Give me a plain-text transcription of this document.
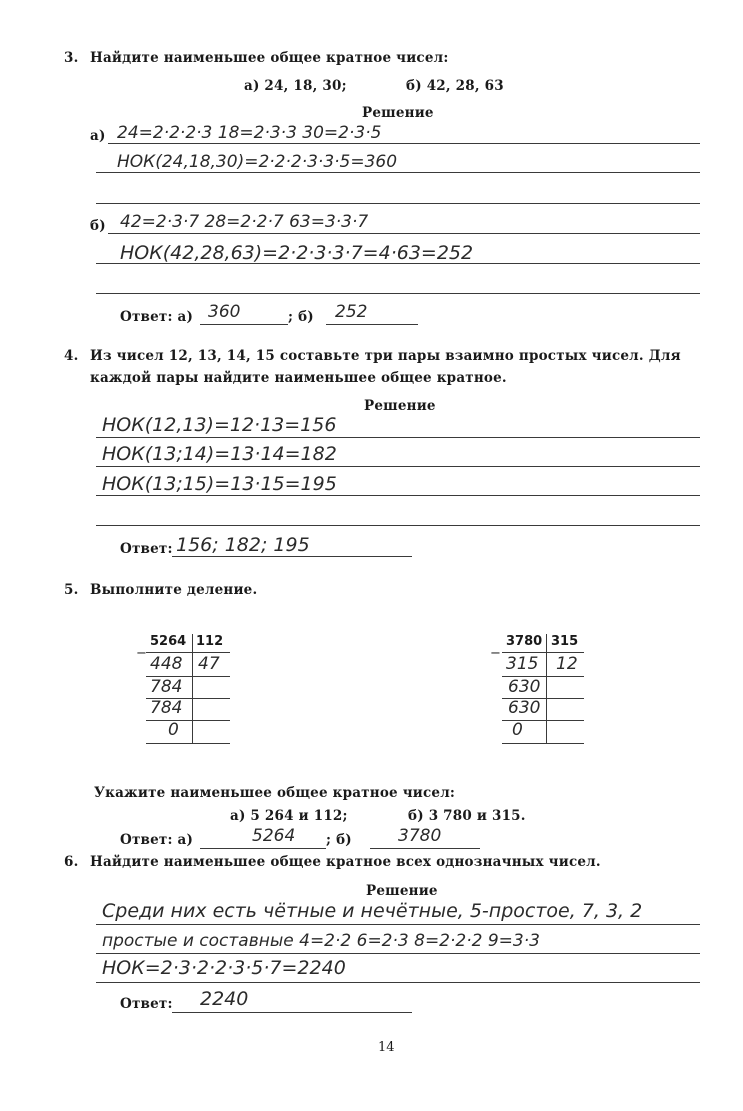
3. Найдите наименьшее общее кратное чисел:
а) 24, 18, 30;	б) 42, 28, 63
Решение
а) 24=2·2·2·3 18=2·3·3 30=2·3·5
НОК(24,18,30)=2·2·2·3·3·5=360
б) 42=2·3·7 28=2·2·7 63=3·3·7
НОК(42,28,63)=2·2·3·3·7=4·63=252
Ответ: а) 360	; б) 252
4. Из чисел 12, 13, 14, 15 составьте три пары взаимно простых чисел. Для
каждой пары найдите наименьшее общее кратное.
Решение
НОК(12,13)=12·13=156
НОК(13;14)=13·14=182
НОК(13;15)=13·15=195
Ответ: 156; 182; 195
5. Выполните деление.
5264 112
−
448 47
784
784
0
3780 315
−
315 12
630
630
0
Укажите наименьшее общее кратное чисел:
а) 5 264 и 112;	б) 3 780 и 315.
Ответ: а)	5264 ; б)	3780
6. Найдите наименьшее общее кратное всех однозначных чисел.
Решение
Среди них есть чётные и нечётные, 5-простое, 7, 3, 2
простые и составные 4=2·2 6=2·3 8=2·2·2 9=3·3
НОК=2·3·2·2·3·5·7=2240
Ответ: 2240
14
